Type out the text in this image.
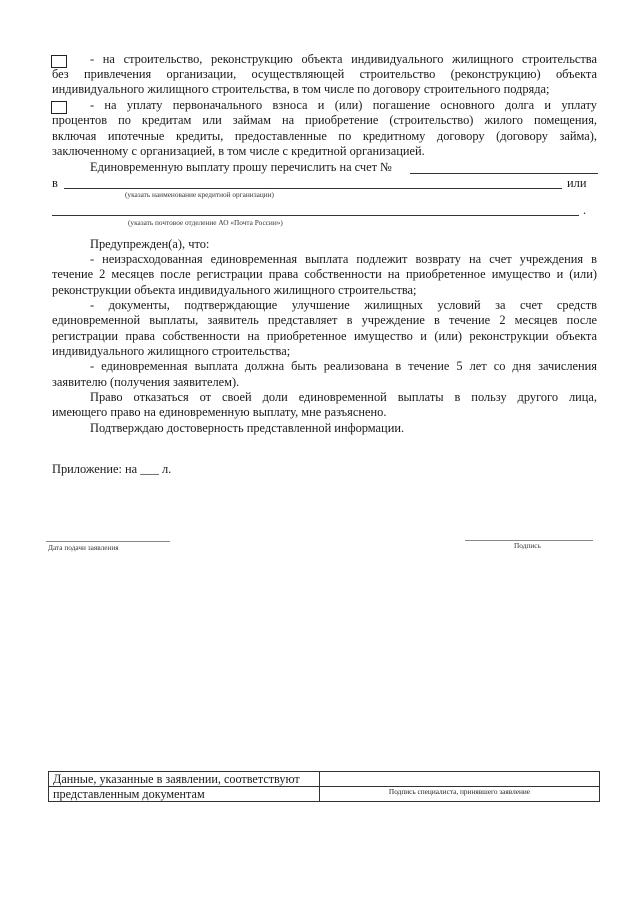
- на строительство, реконструкцию объекта индивидуального жилищного строительства
без привлечения организации, осуществляющей строительство (реконструкцию) объекта
индивидуального жилищного строительства, в том числе по договору строительного подряда;
- на уплату первоначального взноса и (или) погашение основного долга и уплату
процентов по кредитам или займам на приобретение (строительство) жилого помещения,
включая ипотечные кредиты, предоставленные по кредитному договору (договору займа),
заключенному с организацией, в том числе с кредитной организацией.
Единовременную выплату прошу перечислить на счет №
в	или
(указать наименование кредитной организации)
.
(указать почтовое отделение АО «Почта России»)
Предупрежден(а), что:
- неизрасходованная единовременная выплата подлежит возврату на счет учреждения в
течение 2 месяцев после регистрации права собственности на приобретенное имущество и (или)
реконструкции объекта индивидуального жилищного строительства;
- документы, подтверждающие улучшение жилищных условий за счет средств
единовременной выплаты, заявитель представляет в учреждение в течение 2 месяцев после
регистрации права собственности на приобретенное имущество и (или) реконструкции объекта
индивидуального жилищного строительства;
- единовременная выплата должна быть реализована в течение 5 лет со дня зачисления
заявителю (получения заявителем).
Право отказаться от своей доли единовременной выплаты в пользу другого лица,
имеющего право на единовременную выплату, мне разъяснено.
Подтверждаю достоверность представленной информации.
Приложение: на ___ л.
Дата подачи заявления	Подпись
Данные, указанные в заявлении, соответствуют	
представленным документам	Подпись специалиста, принявшего заявление
